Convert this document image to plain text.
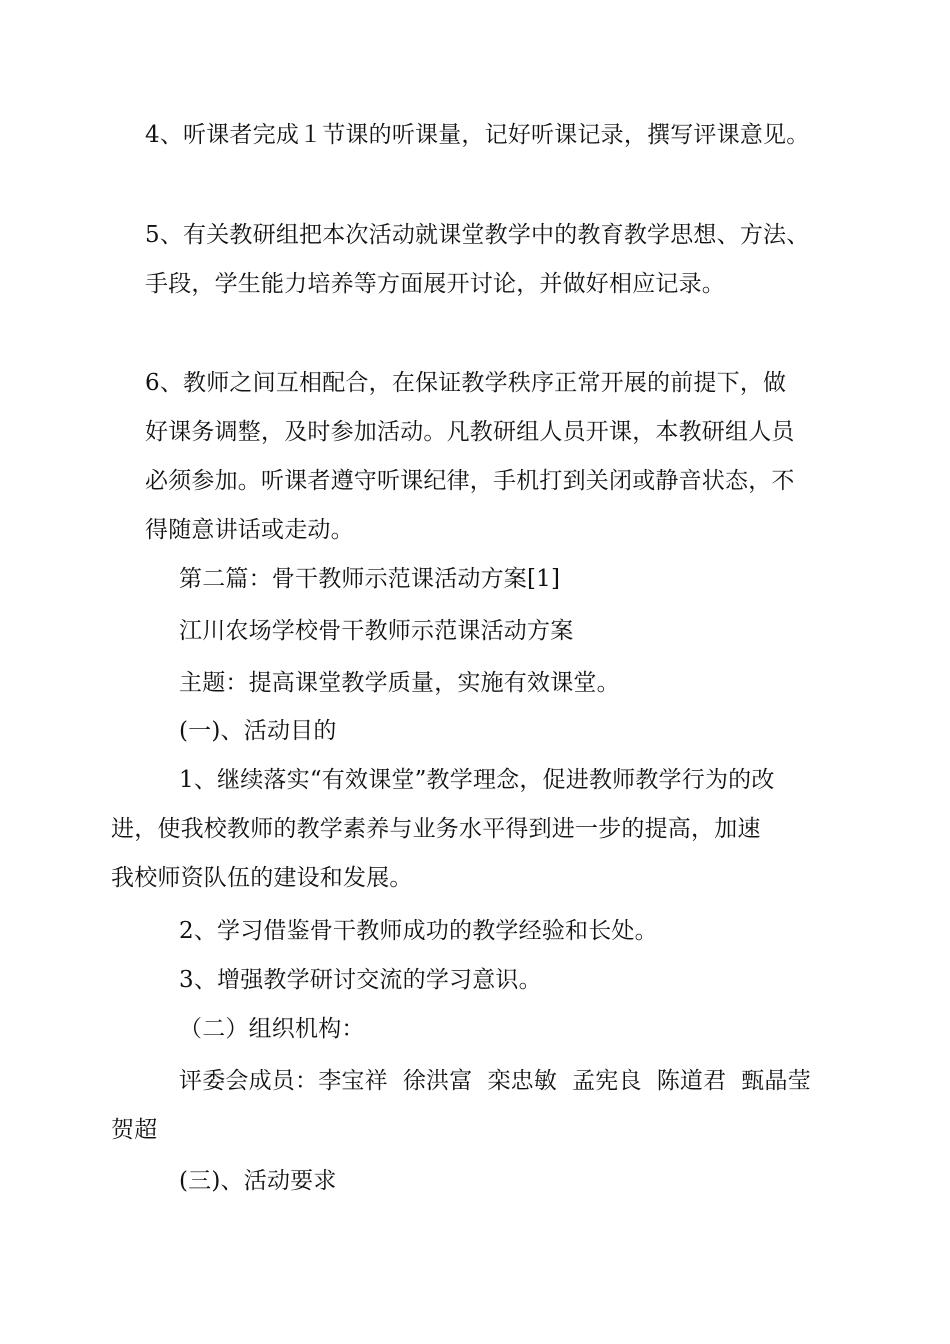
4、听课者完成１节课的听课量，记好听课记录，撰写评课意见。

5、有关教研组把本次活动就课堂教学中的教育教学思想、方法、
手段，学生能力培养等方面展开讨论，并做好相应记录。

6、教师之间互相配合，在保证教学秩序正常开展的前提下，做
好课务调整，及时参加活动。凡教研组人员开课，本教研组人员
必须参加。听课者遵守听课纪律，手机打到关闭或静音状态，不
得随意讲话或走动。

第二篇：骨干教师示范课活动方案[1]

江川农场学校骨干教师示范课活动方案

主题：提高课堂教学质量，实施有效课堂。

(一)、活动目的

1、继续落实“有效课堂”教学理念，促进教师教学行为的改
进，使我校教师的教学素养与业务水平得到进一步的提高，加速
我校师资队伍的建设和发展。

2、学习借鉴骨干教师成功的教学经验和长处。

3、增强教学研讨交流的学习意识。

（二）组织机构：

评委会成员：李宝祥  徐洪富  栾忠敏  孟宪良  陈道君  甄晶莹
贺超

(三)、活动要求
